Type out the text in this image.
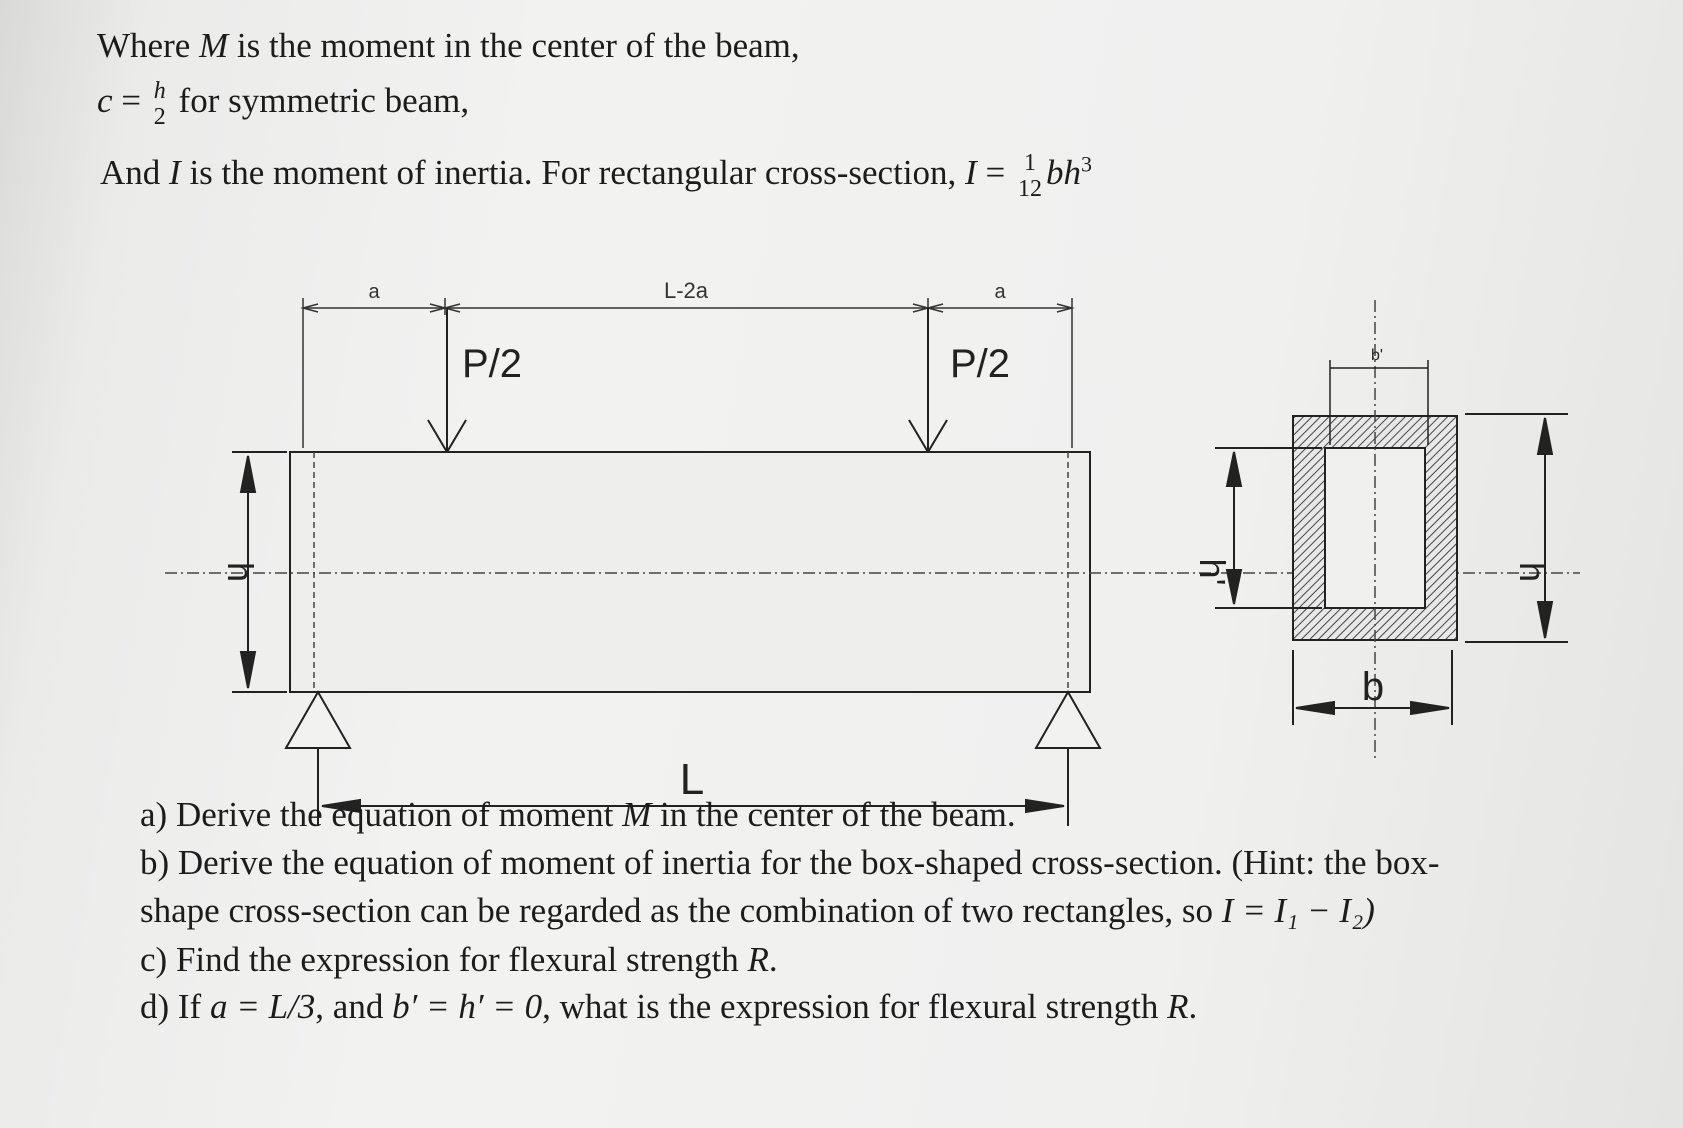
Where M is the moment in the center of the beam,
c = h
2 for symmetric beam,
And I is the moment of inertia. For rectangular cross-section, I = 1
12 $bh^3$
a	L-2a	a
P/2	P/2
h
L
b'
h'	h
b
a) Derive the equation of moment M in the center of the beam.
b) Derive the equation of moment of inertia for the box-shaped cross-section. (Hint: the box-
shape cross-section can be regarded as the combination of two rectangles, so I = I₁ − I₂)
c) Find the expression for flexural strength R.
d) If a = L/3, and b′ = h′ = 0, what is the expression for flexural strength R.
